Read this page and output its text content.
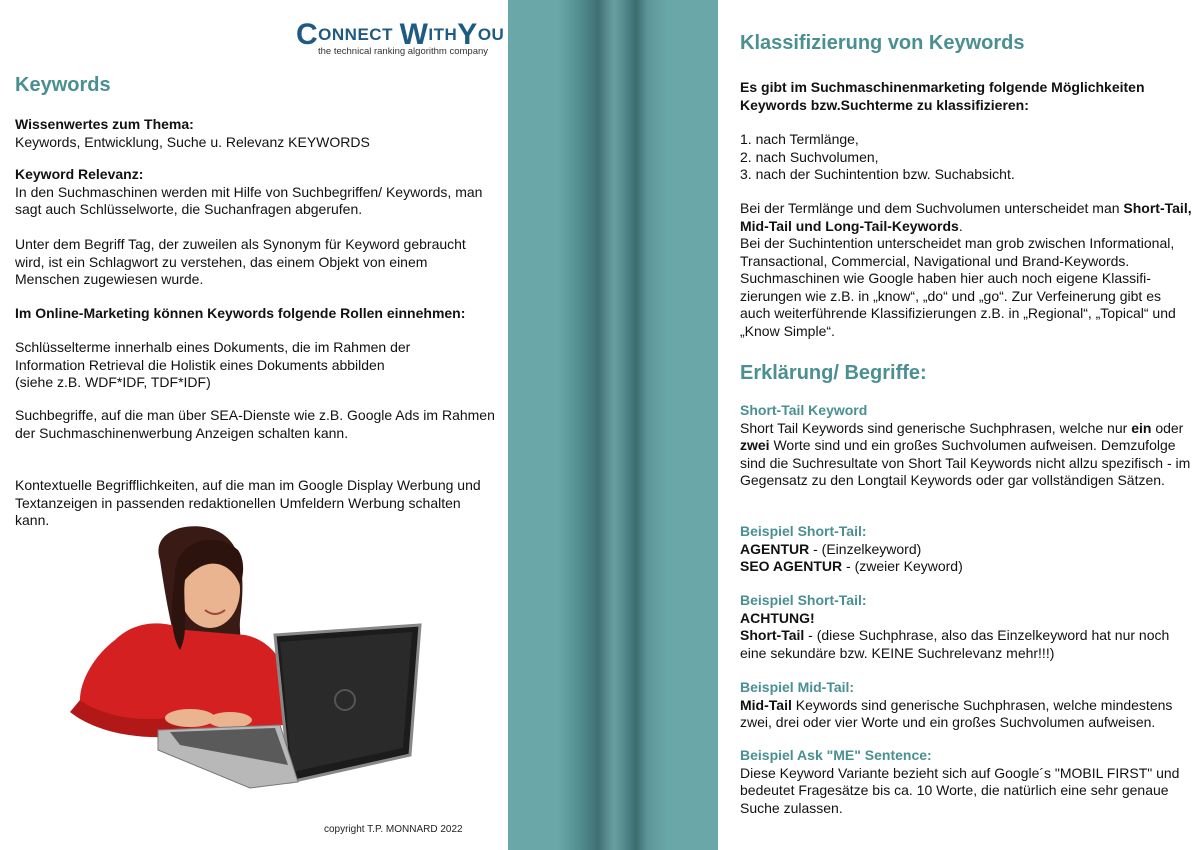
CONNECT WITHYOU
the technical ranking algorithm company
Keywords
Wissenwertes zum Thema:
Keywords, Entwicklung, Suche u. Relevanz KEYWORDS
Keyword Relevanz:
In den Suchmaschinen werden mit Hilfe von Suchbegriffen/ Keywords, man sagt auch Schlüsselworte, die Suchanfragen abgerufen.
Unter dem Begriff Tag, der zuweilen als Synonym für Keyword gebraucht wird, ist ein Schlagwort zu verstehen, das einem Objekt von einem Menschen zugewiesen wurde.
Im Online-Marketing können Keywords folgende Rollen einnehmen:
Schlüsselterme innerhalb eines Dokuments, die im Rahmen der
Information Retrieval die Holistik eines Dokuments abbilden
(siehe z.B. WDF*IDF, TDF*IDF)
Suchbegriffe, auf die man über SEA-Dienste wie z.B. Google Ads im Rahmen der Suchmaschinenwerbung Anzeigen schalten kann.
Kontextuelle Begrifflichkeiten, auf die man im Google Display Werbung und Textanzeigen in passenden redaktionellen Umfeldern Werbung schalten kann.
copyright T.P. MONNARD 2022
Klassifizierung von Keywords
Es gibt im Suchmaschinenmarketing folgende Möglichkeiten Keywords bzw.Suchterme zu klassifizieren:
1. nach Termlänge,
2. nach Suchvolumen,
3. nach der Suchintention bzw. Suchabsicht.

Bei der Termlänge und dem Suchvolumen unterscheidet man Short-Tail, Mid-Tail und Long-Tail-Keywords.

Bei der Suchintention unterscheidet man grob zwischen Informational, Transactional, Commercial, Navigational und Brand-Keywords. Suchmaschinen wie Google haben hier auch noch eigene Klassifi-zierungen wie z.B. in „know“, „do“ und „go“. Zur Verfeinerung gibt es auch weiterführende Klassifizierungen z.B. in „Regional“, „Topical“ und „Know Simple“.

Erklärung/ Begriffe:
Short-Tail Keyword

Short Tail Keywords sind generische Suchphrasen, welche nur ein oder zwei Worte sind und ein großes Suchvolumen aufweisen. Demzufolge sind die Suchresultate von Short Tail Keywords nicht allzu spezifisch - im Gegensatz zu den Longtail Keywords oder gar vollständigen Sätzen.

Beispiel Short-Tail:
AGENTUR - (Einzelkeyword)
SEO AGENTUR - (zweier Keyword)
Beispiel Short-Tail:
ACHTUNG!

Short-Tail - (diese Suchphrase, also das Einzelkeyword hat nur noch eine sekundäre bzw. KEINE Suchrelevanz mehr!!!)

Beispiel Mid-Tail:

Mid-Tail Keywords sind generische Suchphrasen, welche mindestens zwei, drei oder vier Worte und ein großes Suchvolumen aufweisen.

Beispiel Ask "ME" Sentence:

Diese Keyword Variante bezieht sich auf Google´s "MOBIL FIRST" und bedeutet Fragesätze bis ca. 10 Worte, die natürlich eine sehr genaue Suche zulassen.
